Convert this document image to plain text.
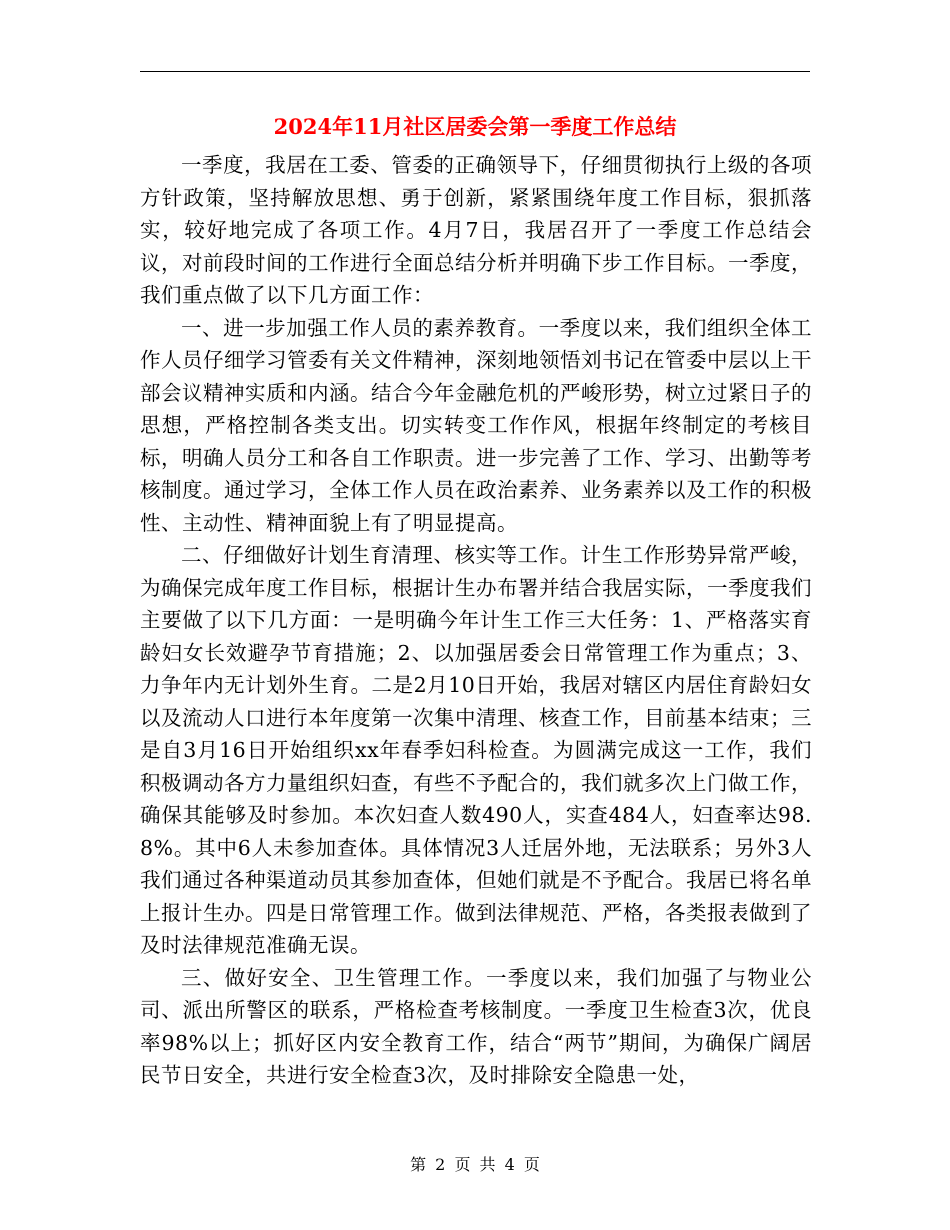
2024年11月社区居委会第一季度工作总结

一季度，我居在工委、管委的正确领导下，仔细贯彻执行上级的各项方针政策，坚持解放思想、勇于创新，紧紧围绕年度工作目标，狠抓落实，较好地完成了各项工作。4月7日，我居召开了一季度工作总结会议，对前段时间的工作进行全面总结分析并明确下步工作目标。一季度，我们重点做了以下几方面工作：

一、进一步加强工作人员的素养教育。一季度以来，我们组织全体工作人员仔细学习管委有关文件精神，深刻地领悟刘书记在管委中层以上干部会议精神实质和内涵。结合今年金融危机的严峻形势，树立过紧日子的思想，严格控制各类支出。切实转变工作作风，根据年终制定的考核目标，明确人员分工和各自工作职责。进一步完善了工作、学习、出勤等考核制度。通过学习，全体工作人员在政治素养、业务素养以及工作的积极性、主动性、精神面貌上有了明显提高。

二、仔细做好计划生育清理、核实等工作。计生工作形势异常严峻，为确保完成年度工作目标，根据计生办布署并结合我居实际，一季度我们主要做了以下几方面：一是明确今年计生工作三大任务：1、严格落实育龄妇女长效避孕节育措施；2、以加强居委会日常管理工作为重点；3、力争年内无计划外生育。二是2月10日开始，我居对辖区内居住育龄妇女以及流动人口进行本年度第一次集中清理、核查工作，目前基本结束；三是自3月16日开始组织xx年春季妇科检查。为圆满完成这一工作，我们积极调动各方力量组织妇查，有些不予配合的，我们就多次上门做工作，确保其能够及时参加。本次妇查人数490人，实查484人，妇查率达98.8%。其中6人未参加查体。具体情况3人迁居外地，无法联系；另外3人我们通过各种渠道动员其参加查体，但她们就是不予配合。我居已将名单上报计生办。四是日常管理工作。做到法律规范、严格，各类报表做到了及时法律规范准确无误。

三、做好安全、卫生管理工作。一季度以来，我们加强了与物业公司、派出所警区的联系，严格检查考核制度。一季度卫生检查3次，优良率98%以上；抓好区内安全教育工作，结合“两节”期间，为确保广阔居民节日安全，共进行安全检查3次，及时排除安全隐患一处，

第 2 页 共 4 页
